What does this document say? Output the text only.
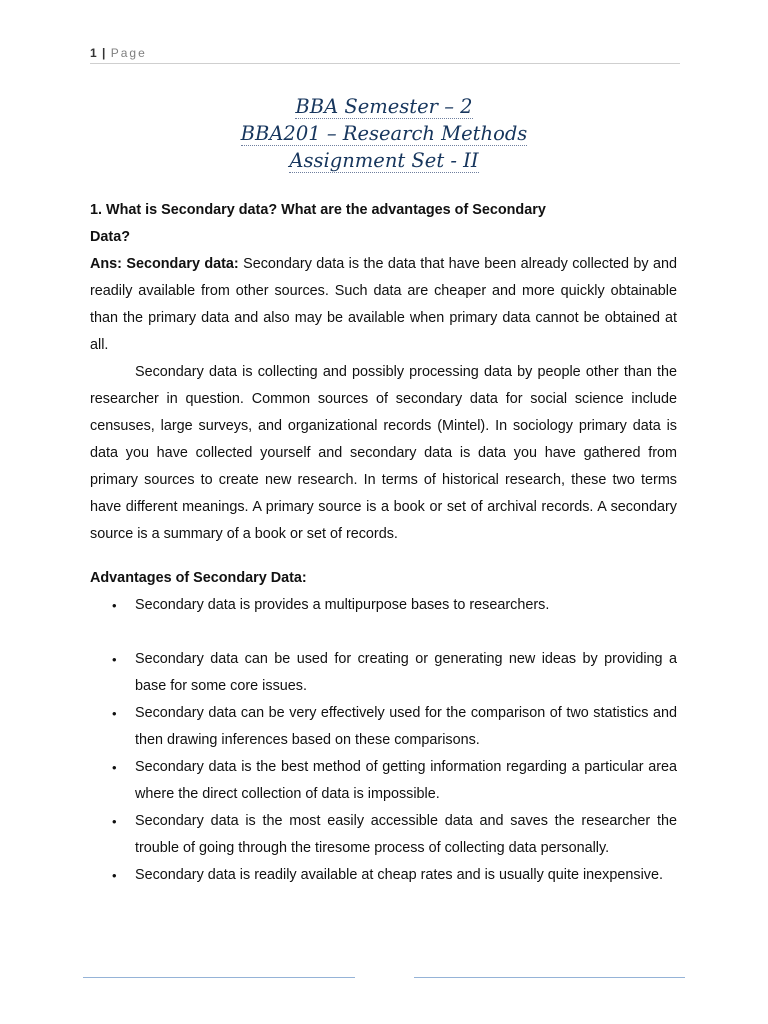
1 | Page
BBA Semester – 2
BBA201 – Research Methods
Assignment Set - II

1. What is Secondary data? What are the advantages of Secondary

Data?

Ans: Secondary data: Secondary data is the data that have been already collected by and readily available from other sources. Such data are cheaper and more quickly obtainable than the primary data and also may be available when primary data cannot be obtained at all.

Secondary data is collecting and possibly processing data by people other than the researcher in question. Common sources of secondary data for social science include censuses, large surveys, and organizational records (Mintel). In sociology primary data is data you have collected yourself and secondary data is data you have gathered from primary sources to create new research. In terms of historical research, these two terms have different meanings. A primary source is a book or set of archival records. A secondary source is a summary of a book or set of records.

Advantages of Secondary Data:

• Secondary data is provides a multipurpose bases to researchers.
• Secondary data can be used for creating or generating new ideas by providing a base for some core issues.
• Secondary data can be very effectively used for the comparison of two statistics and then drawing inferences based on these comparisons.
• Secondary data is the best method of getting information regarding a particular area where the direct collection of data is impossible.
• Secondary data is the most easily accessible data and saves the researcher the trouble of going through the tiresome process of collecting data personally.
• Secondary data is readily available at cheap rates and is usually quite inexpensive.
